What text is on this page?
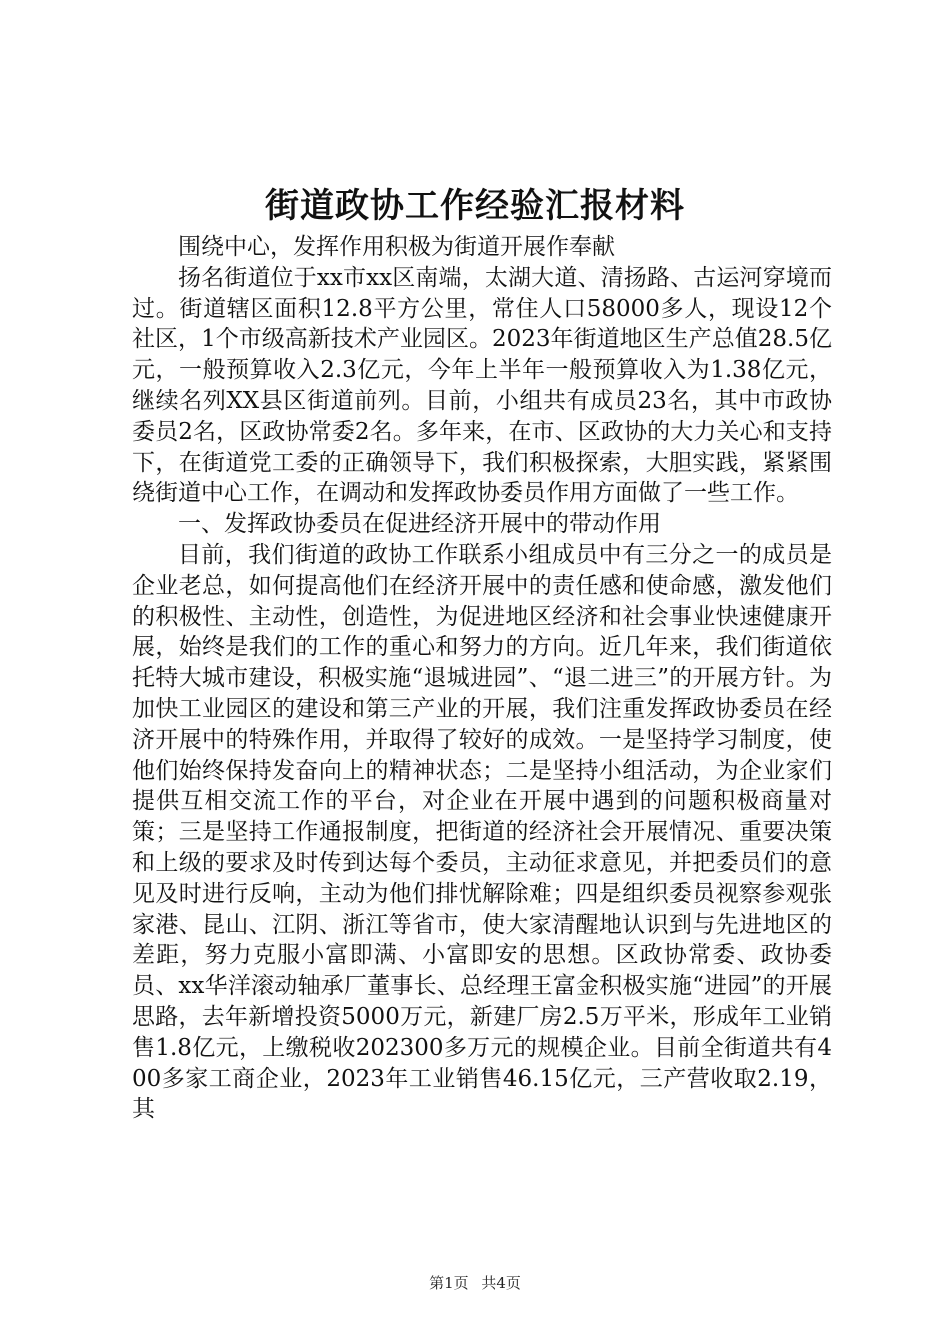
街道政协工作经验汇报材料

围绕中心，发挥作用积极为街道开展作奉献

扬名街道位于xx市xx区南端，太湖大道、清扬路、古运河穿境而过。街道辖区面积12.8平方公里，常住人口58000多人，现设12个社区，1个市级高新技术产业园区。2023年街道地区生产总值28.5亿元，一般预算收入2.3亿元，今年上半年一般预算收入为1.38亿元，继续名列XX县区街道前列。目前，小组共有成员23名，其中市政协委员2名，区政协常委2名。多年来，在市、区政协的大力关心和支持下，在街道党工委的正确领导下，我们积极探索，大胆实践，紧紧围绕街道中心工作，在调动和发挥政协委员作用方面做了一些工作。

一、发挥政协委员在促进经济开展中的带动作用

目前，我们街道的政协工作联系小组成员中有三分之一的成员是企业老总，如何提高他们在经济开展中的责任感和使命感，激发他们的积极性、主动性，创造性，为促进地区经济和社会事业快速健康开展，始终是我们的工作的重心和努力的方向。近几年来，我们街道依托特大城市建设，积极实施“退城进园”、“退二进三”的开展方针。为加快工业园区的建设和第三产业的开展，我们注重发挥政协委员在经济开展中的特殊作用，并取得了较好的成效。一是坚持学习制度，使他们始终保持发奋向上的精神状态；二是坚持小组活动，为企业家们提供互相交流工作的平台，对企业在开展中遇到的问题积极商量对策；三是坚持工作通报制度，把街道的经济社会开展情况、重要决策和上级的要求及时传到达每个委员，主动征求意见，并把委员们的意见及时进行反响，主动为他们排忧解除难；四是组织委员视察参观张家港、昆山、江阴、浙江等省市，使大家清醒地认识到与先进地区的差距，努力克服小富即满、小富即安的思想。区政协常委、政协委员、xx华洋滚动轴承厂董事长、总经理王富金积极实施“进园”的开展思路，去年新增投资5000万元，新建厂房2.5万平米，形成年工业销售1.8亿元，上缴税收202300多万元的规模企业。目前全街道共有400多家工商企业，2023年工业销售46.15亿元，三产营收取2.19，其

第1页 共4页
